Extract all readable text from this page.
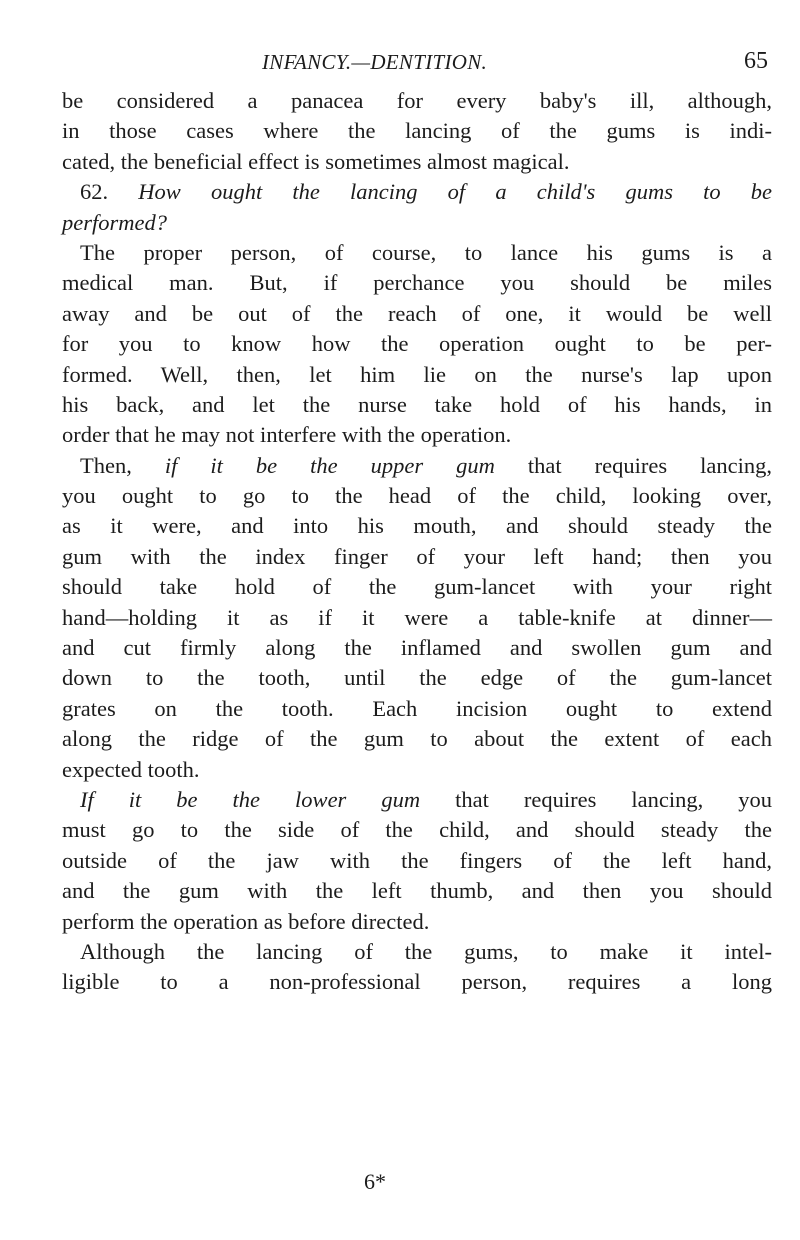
INFANCY.—DENTITION.	65
be considered a panacea for every baby's ill, although,
in those cases where the lancing of the gums is indi-
cated, the beneficial effect is sometimes almost magical.
62. How ought the lancing of a child's gums to be
performed?
The proper person, of course, to lance his gums is a
medical man. But, if perchance you should be miles
away and be out of the reach of one, it would be well
for you to know how the operation ought to be per-
formed. Well, then, let him lie on the nurse's lap upon
his back, and let the nurse take hold of his hands, in
order that he may not interfere with the operation.
Then, if it be the upper gum that requires lancing,
you ought to go to the head of the child, looking over,
as it were, and into his mouth, and should steady the
gum with the index finger of your left hand; then you
should take hold of the gum-lancet with your right
hand—holding it as if it were a table-knife at dinner—
and cut firmly along the inflamed and swollen gum and
down to the tooth, until the edge of the gum-lancet
grates on the tooth. Each incision ought to extend
along the ridge of the gum to about the extent of each
expected tooth.
If it be the lower gum that requires lancing, you
must go to the side of the child, and should steady the
outside of the jaw with the fingers of the left hand,
and the gum with the left thumb, and then you should
perform the operation as before directed.
Although the lancing of the gums, to make it intel-
ligible to a non-professional person, requires a long
6*
